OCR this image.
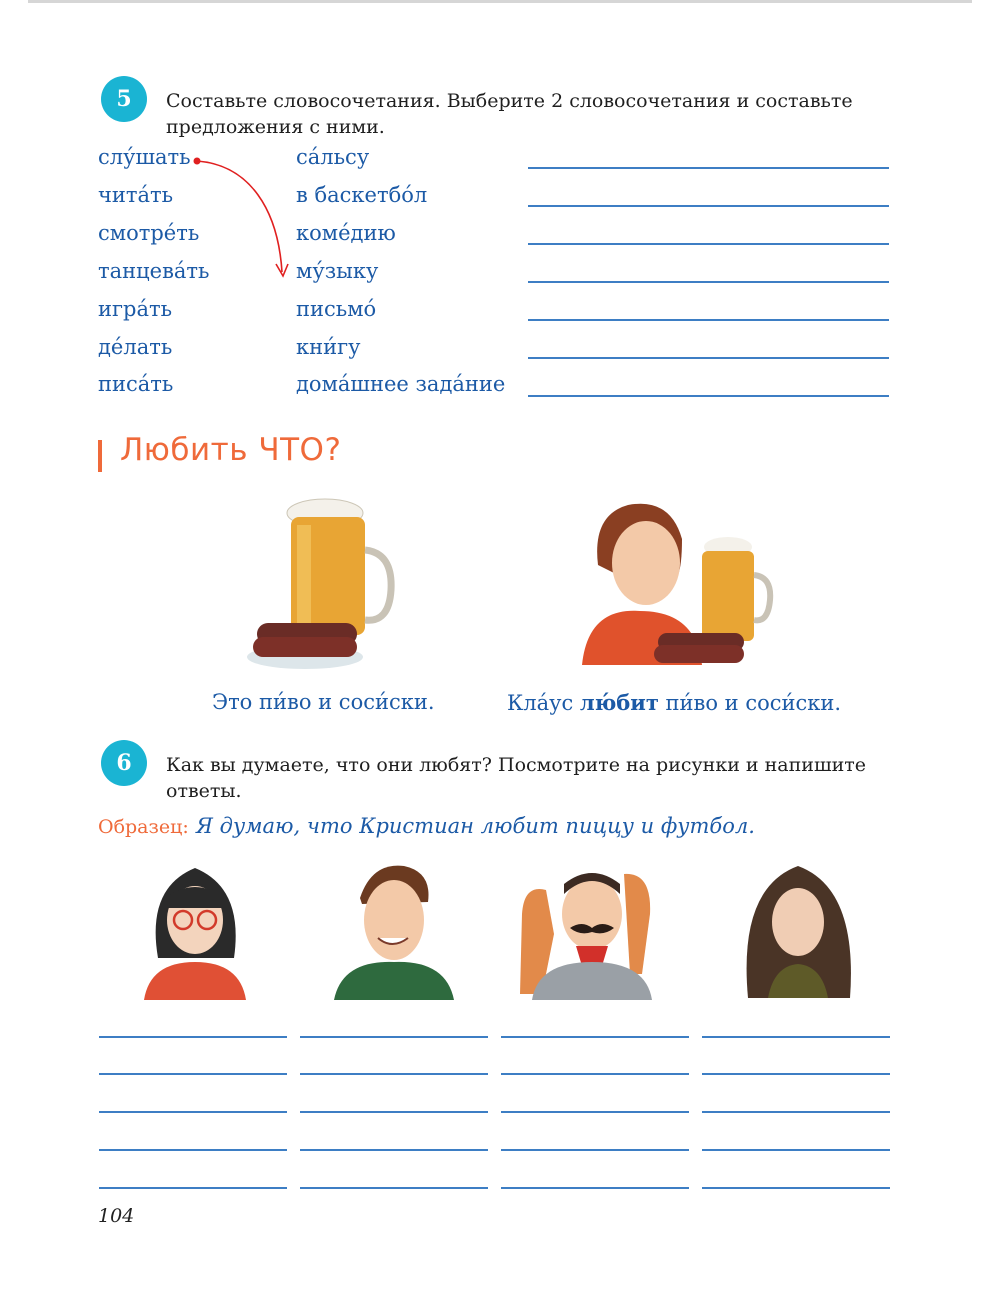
5 Составьте словосочетания. Выберите 2 словосочетания и составьте
предложения с ними.
слу́шать
чита́ть
смотре́ть
танцева́ть
игра́ть
де́лать
писа́ть
са́льсу
в баскетбо́л
коме́дию
му́зыку
письмо́
кни́гу
дома́шнее зада́ние
Любить ЧТО?
Это пи́во и соси́ски.	Кла́ус лю́бит пи́во и соси́ски.
6 Как вы думаете, что они любят? Посмотрите на рисунки и напишите
ответы.
Образец: Я думаю, что Кристиан любит пиццу и футбол.
104
